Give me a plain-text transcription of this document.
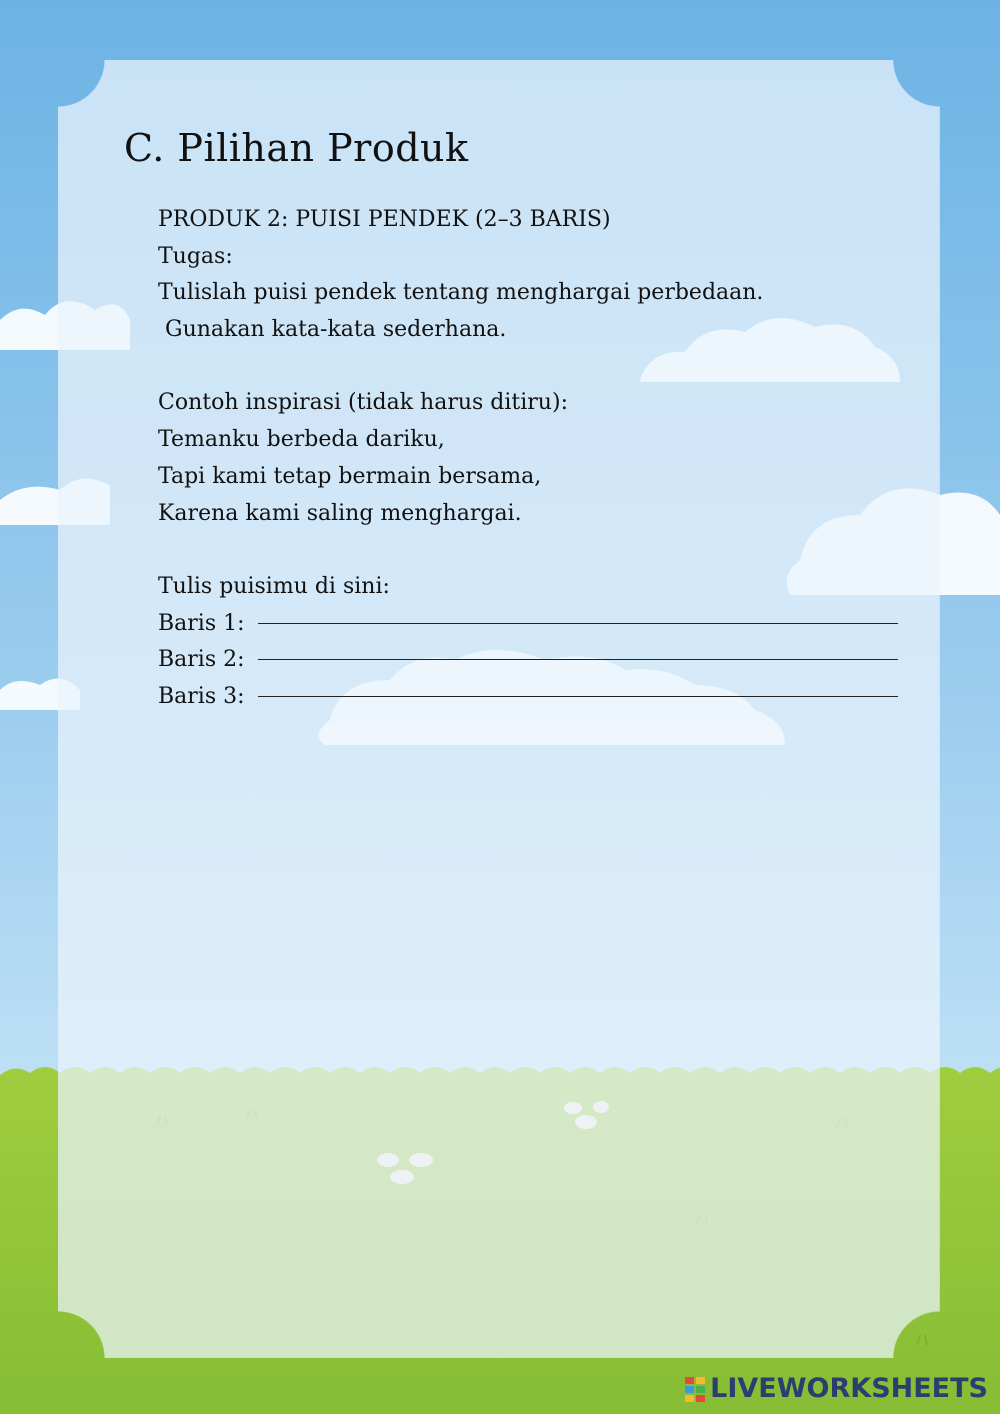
C. Pilihan Produk
PRODUK 2: PUISI PENDEK (2–3 BARIS)
Tugas:
Tulislah puisi pendek tentang menghargai perbedaan.
Gunakan kata-kata sederhana.
Contoh inspirasi (tidak harus ditiru):
Temanku berbeda dariku,
Tapi kami tetap bermain bersama,
Karena kami saling menghargai.
Tulis puisimu di sini:
Baris 1:
Baris 2:
Baris 3:
LIVEWORKSHEETS
